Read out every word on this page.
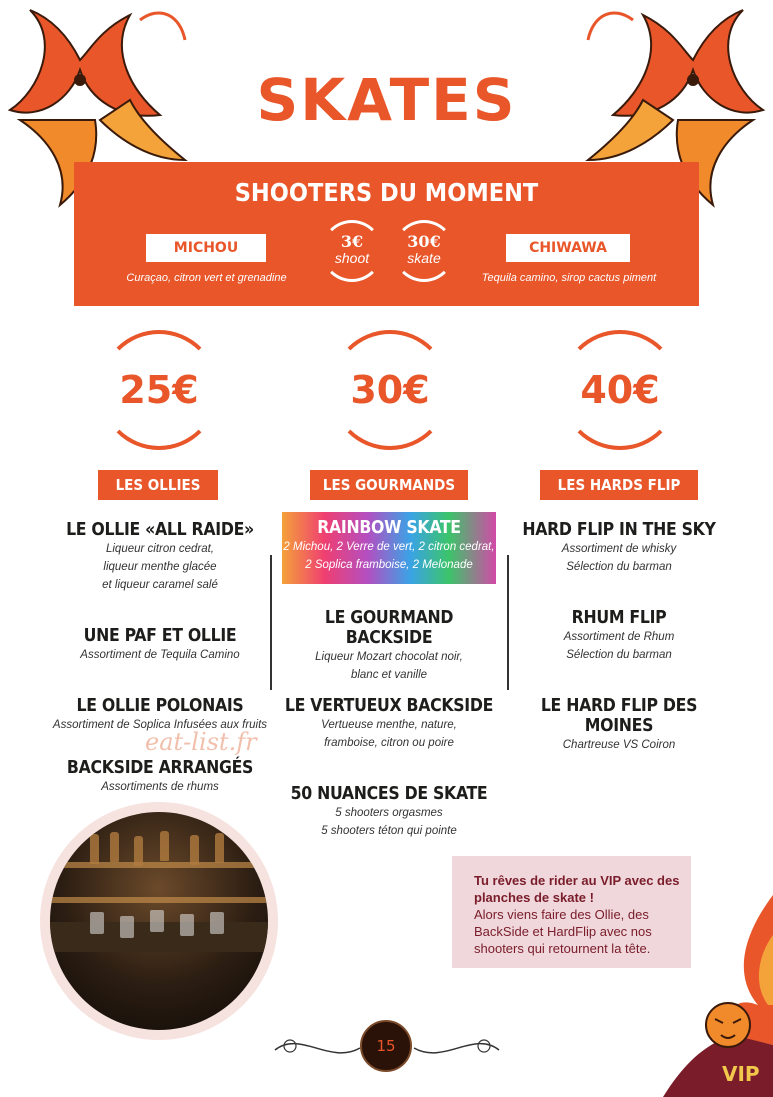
SKATES
SHOOTERS DU MOMENT
MICHOU
Curaçao, citron vert et grenadine
3€
shoot
30€
skate
CHIWAWA
Tequila camino, sirop cactus piment
25€	30€	40€
LES OLLIES	LES GOURMANDS	LES HARDS FLIP
LE OLLIE «ALL RAIDE»
Liqueur citron cedrat,
liqueur menthe glacée
et liqueur caramel salé
UNE PAF ET OLLIE
Assortiment de Tequila Camino
LE OLLIE POLONAIS
Assortiment de Soplica Infusées aux fruits
BACKSIDE ARRANGÉS
Assortiments de rhums
RAINBOW SKATE
2 Michou, 2 Verre de vert, 2 citron cedrat,
2 Soplica framboise, 2 Melonade
LE GOURMAND BACKSIDE
Liqueur Mozart chocolat noir,
blanc et vanille
LE VERTUEUX BACKSIDE
Vertueuse menthe, nature,
framboise, citron ou poire
50 NUANCES DE SKATE
5 shooters orgasmes
5 shooters téton qui pointe
HARD FLIP IN THE SKY
Assortiment de whisky
Sélection du barman
RHUM FLIP
Assortiment de Rhum
Sélection du barman
LE HARD FLIP DES MOINES
Chartreuse VS Coiron
eat-list.fr
Tu rêves de rider au VIP avec des planches de skate !
Alors viens faire des Ollie, des BackSide et HardFlip avec nos shooters qui retournent la tête.
15
VIP
